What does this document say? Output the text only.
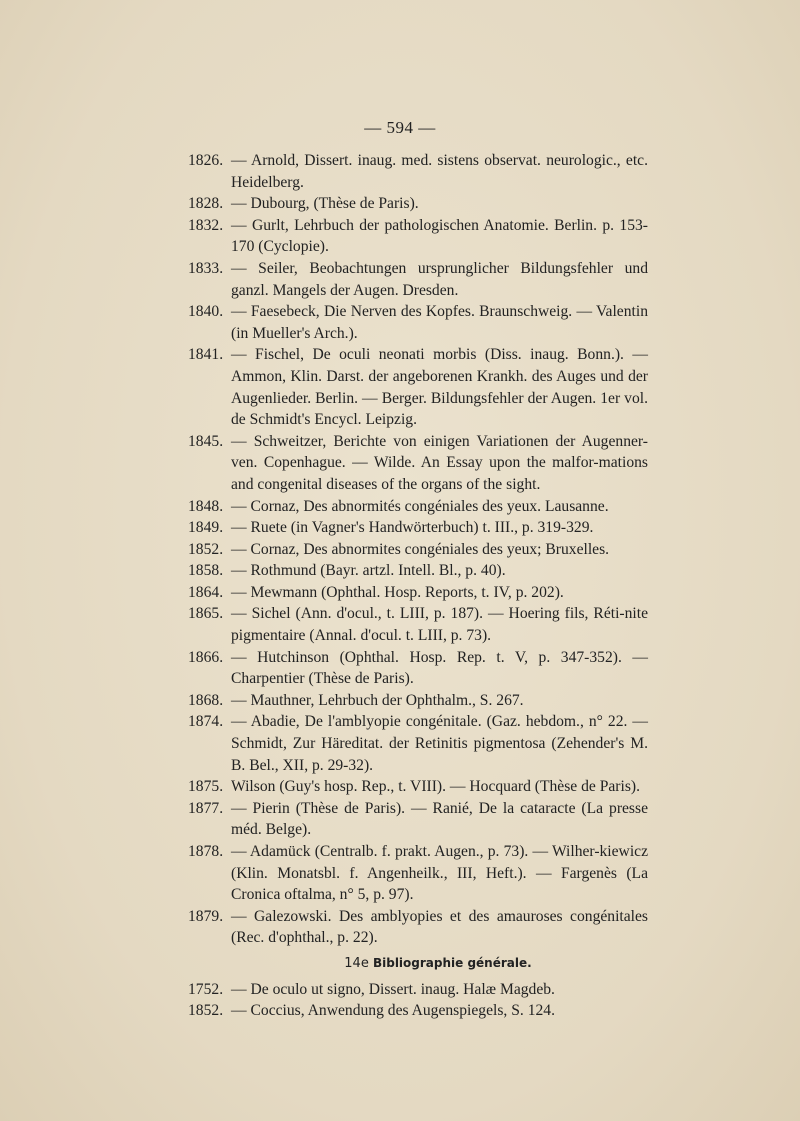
— 594 —
1826. — Arnold, Dissert. inaug. med. sistens observat. neurologic., etc. Heidelberg.
1828. — Dubourg, (Thèse de Paris).
1832. — Gurlt, Lehrbuch der pathologischen Anatomie. Berlin. p. 153-170 (Cyclopie).
1833. — Seiler, Beobachtungen ursprunglicher Bildungsfehler und ganzl. Mangels der Augen. Dresden.
1840. — Faesebeck, Die Nerven des Kopfes. Braunschweig. — Valentin (in Mueller's Arch.).
1841. — Fischel, De oculi neonati morbis (Diss. inaug. Bonn.). — Ammon, Klin. Darst. der angeborenen Krankh. des Auges und der Augenlieder. Berlin. — Berger. Bildungsfehler der Augen. 1er vol. de Schmidt's Encycl. Leipzig.
1845. — Schweitzer, Berichte von einigen Variationen der Augenner-ven. Copenhague. — Wilde. An Essay upon the malfor-mations and congenital diseases of the organs of the sight.
1848. — Cornaz, Des abnormités congéniales des yeux. Lausanne.
1849. — Ruete (in Vagner's Handwörterbuch) t. III., p. 319-329.
1852. — Cornaz, Des abnormites congéniales des yeux; Bruxelles.
1858. — Rothmund (Bayr. artzl. Intell. Bl., p. 40).
1864. — Mewmann (Ophthal. Hosp. Reports, t. IV, p. 202).
1865. — Sichel (Ann. d'ocul., t. LIII, p. 187). — Hoering fils, Réti-nite pigmentaire (Annal. d'ocul. t. LIII, p. 73).
1866. — Hutchinson (Ophthal. Hosp. Rep. t. V, p. 347-352). — Charpentier (Thèse de Paris).
1868. — Mauthner, Lehrbuch der Ophthalm., S. 267.
1874. — Abadie, De l'amblyopie congénitale. (Gaz. hebdom., n° 22. — Schmidt, Zur Häreditat. der Retinitis pigmentosa (Zehender's M. B. Bel., XII, p. 29-32).
1875. Wilson (Guy's hosp. Rep., t. VIII). — Hocquard (Thèse de Paris).
1877. — Pierin (Thèse de Paris). — Ranié, De la cataracte (La presse méd. Belge).
1878. — Adamück (Centralb. f. prakt. Augen., p. 73). — Wilher-kiewicz (Klin. Monatsbl. f. Angenheilk., III, Heft.). — Fargenès (La Cronica oftalma, n° 5, p. 97).
1879. — Galezowski. Des amblyopies et des amauroses congénitales (Rec. d'ophthal., p. 22).
14e Bibliographie générale.
1752. — De oculo ut signo, Dissert. inaug. Halæ Magdeb.
1852. — Coccius, Anwendung des Augenspiegels, S. 124.
